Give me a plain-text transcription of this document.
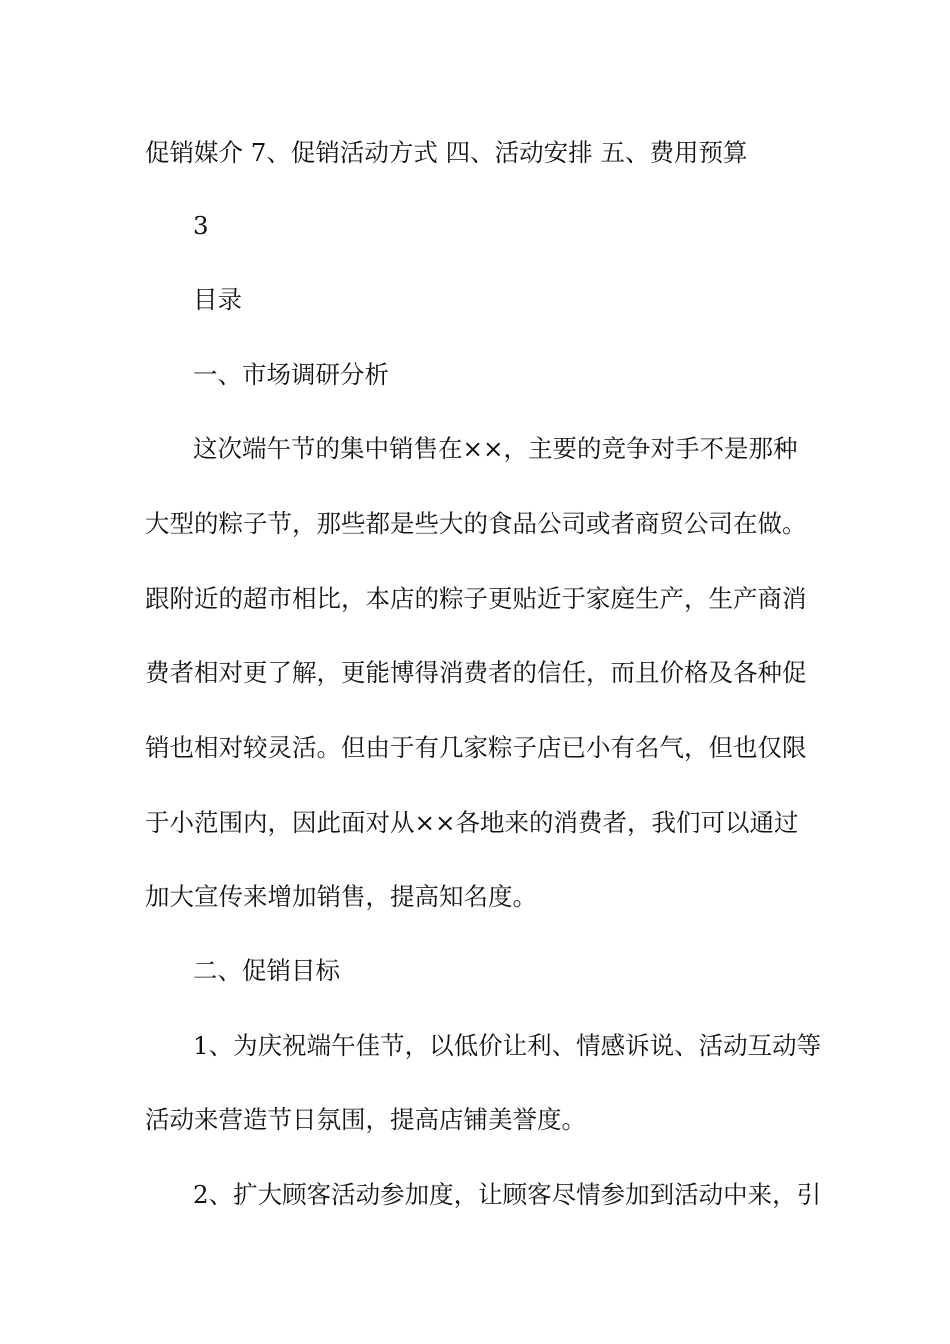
促销媒介 7、促销活动方式 四、活动安排 五、费用预算
3
目录
一、市场调研分析
这次端午节的集中销售在××，主要的竞争对手不是那种
大型的粽子节，那些都是些大的食品公司或者商贸公司在做。
跟附近的超市相比，本店的粽子更贴近于家庭生产，生产商消
费者相对更了解，更能博得消费者的信任，而且价格及各种促
销也相对较灵活。但由于有几家粽子店已小有名气，但也仅限
于小范围内，因此面对从××各地来的消费者，我们可以通过
加大宣传来增加销售，提高知名度。
二、促销目标
1、为庆祝端午佳节，以低价让利、情感诉说、活动互动等
活动来营造节日氛围，提高店铺美誉度。
2、扩大顾客活动参加度，让顾客尽情参加到活动中来，引
